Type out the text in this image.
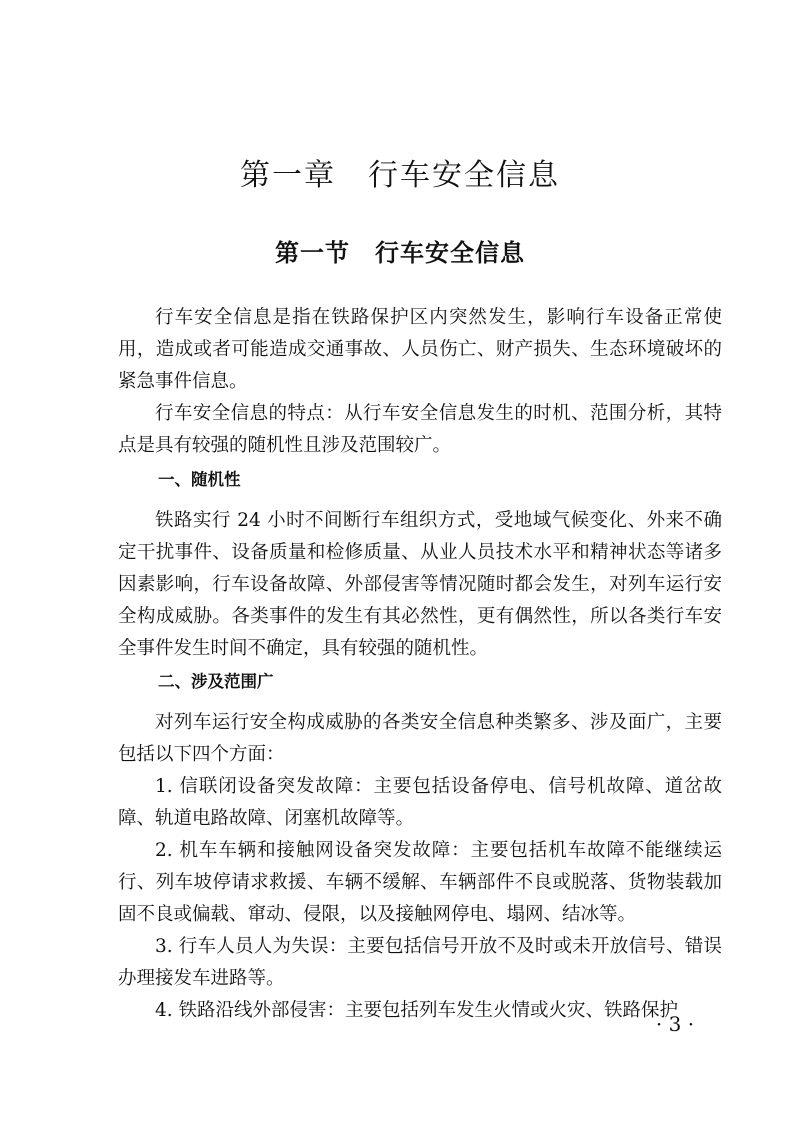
第一章　行车安全信息
第一节　行车安全信息

行车安全信息是指在铁路保护区内突然发生，影响行车设备正常使用，造成或者可能造成交通事故、人员伤亡、财产损失、生态环境破坏的紧急事件信息。

行车安全信息的特点：从行车安全信息发生的时机、范围分析，其特点是具有较强的随机性且涉及范围较广。

一、随机性

铁路实行 24 小时不间断行车组织方式，受地域气候变化、外来不确定干扰事件、设备质量和检修质量、从业人员技术水平和精神状态等诸多因素影响，行车设备故障、外部侵害等情况随时都会发生，对列车运行安全构成威胁。各类事件的发生有其必然性，更有偶然性，所以各类行车安全事件发生时间不确定，具有较强的随机性。

二、涉及范围广

对列车运行安全构成威胁的各类安全信息种类繁多、涉及面广，主要包括以下四个方面：

1. 信联闭设备突发故障：主要包括设备停电、信号机故障、道岔故障、轨道电路故障、闭塞机故障等。

2. 机车车辆和接触网设备突发故障：主要包括机车故障不能继续运行、列车坡停请求救援、车辆不缓解、车辆部件不良或脱落、货物装载加固不良或偏载、窜动、侵限，以及接触网停电、塌网、结冰等。

3. 行车人员人为失误：主要包括信号开放不及时或未开放信号、错误办理接发车进路等。

4. 铁路沿线外部侵害：主要包括列车发生火情或火灾、铁路保护

· 3 ·
